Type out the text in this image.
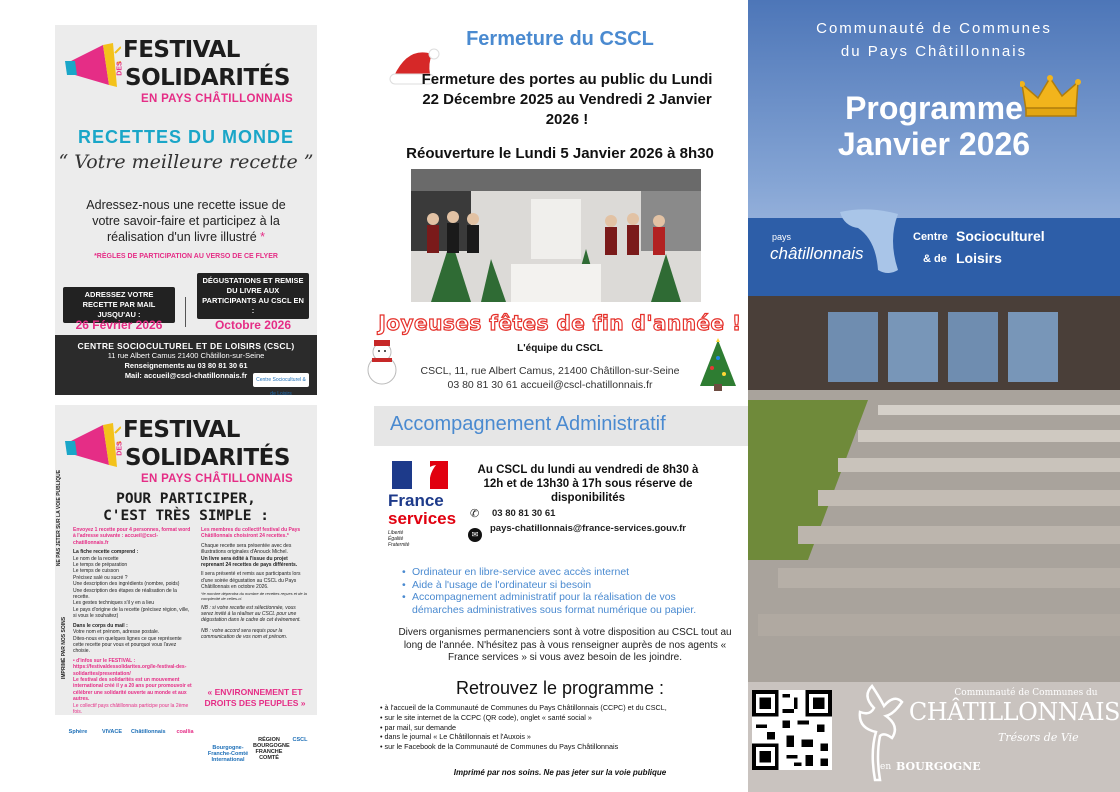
FESTIVAL
DES SOLIDARITÉS
EN PAYS CHÂTILLONNAIS
RECETTES DU MONDE
“ Votre meilleure recette ”
Adressez-nous une recette issue de votre savoir-faire et participez à la réalisation d'un livre illustré *
*RÈGLES DE PARTICIPATION AU VERSO DE CE FLYER
ADRESSEZ VOTRE RECETTE PAR MAIL JUSQU'AU :
DÉGUSTATIONS ET REMISE DU LIVRE AUX PARTICIPANTS AU CSCL EN :
26 Février 2026	Octobre 2026
CENTRE SOCIOCULTUREL ET DE LOISIRS (CSCL)
11 rue Albert Camus 21400 Châtillon-sur-Seine
Renseignements au 03 80 81 30 61
Mail: accueil@cscl-chatillonnais.fr	Centre Socioculturel & de Loisirs
FESTIVAL
DES SOLIDARITÉS
EN PAYS CHÂTILLONNAIS
POUR PARTICIPER,
C'EST TRÈS SIMPLE :
NE PAS JETER SUR LA VOIE PUBLIQUE
IMPRIMÉ PAR NOS SOINS
Envoyez 1 recette pour 4 personnes, format word à l'adresse suivante : accueil@cscl-chatillonnais.fr
La fiche recette comprend :
Le nom de la recette
Le temps de préparation
Le temps de cuisson
Précisez salé ou sucré ?
Une description des ingrédients (nombre, poids)
Une description des étapes de réalisation de la recette.
Les gestes techniques s'il y en a lieu
Le pays d'origine de la recette (précisez région, ville, si vous le souhaitez)
Dans le corps du mail :
Votre nom et prénom, adresse postale.
Dites-nous en quelques lignes ce que représente cette recette pour vous et pourquoi vous l'avez choisie.
• d'infos sur le FESTIVAL : https://festivaldessolidarites.org/le-festival-des-solidarites/presentation/
Le festival des solidarités est un mouvement international créé il y a 20 ans pour promouvoir et célébrer une solidarité ouverte au monde et aux autres.
Le collectif pays châtillonnais participe pour la 2ème fois.
Les membres du collectif festival du Pays Châtillonnais choisiront 24 recettes.*
Chaque recette sera présentée avec des illustrations originales d'Anouck Michel.
Un livre sera édité à l'issue du projet reprenant 24 recettes de pays différents.
Il sera présenté et remis aux participants lors d'une soirée dégustation au CSCL du Pays Châtillonnais en octobre 2026.
*le nombre dépendra du nombre de recettes reçues et de la complexité de celles-ci.
NB : si votre recette est sélectionnée, vous serez invité à la réaliser au CSCL pour une dégustation dans le cadre de cet événement.
NB : votre accord sera requis pour la communication de vos nom et prénom.
« ENVIRONNEMENT ET DROITS DES PEUPLES »
Sphère	VIVACE	Châtillonnais	coallia
Bourgogne-Franche-Comté International
RÉGION BOURGOGNE FRANCHE COMTÉ
CSCL
Fermeture du CSCL
Fermeture des portes au public du Lundi 22 Décembre 2025 au Vendredi 2 Janvier 2026 !
Réouverture le Lundi 5 Janvier 2026 à 8h30
Joyeuses fêtes de fin d'année !
L'équipe du CSCL
CSCL, 11, rue Albert Camus, 21400 Châtillon-sur-Seine
03 80 81 30 61 accueil@cscl-chatillonnais.fr
Accompagnement Administratif
France
services
Liberté
Égalité
Fraternité
Au CSCL du lundi au vendredi de 8h30 à 12h et de 13h30 à 17h sous réserve de disponibilités
✆ 03 80 81 30 61
✉
pays-chatillonnais@france-services.gouv.fr
• Ordinateur en libre-service avec accès internet
• Aide à l'usage de l'ordinateur si besoin
• Accompagnement administratif pour la réalisation de vos démarches administratives sous format numérique ou papier.
Divers organismes permanenciers sont à votre disposition au CSCL tout au long de l'année. N'hésitez pas à vous renseigner auprès de nos agents « France services » si vous avez besoin de les joindre.
Retrouvez le programme :
• à l'accueil de la Communauté de Communes du Pays Châtillonnais (CCPC) et du CSCL,
• sur le site internet de la CCPC (QR code), onglet « santé social »
• par mail, sur demande
• dans le journal « Le Châtillonnais et l'Auxois »
• sur le Facebook de la Communauté de Communes du Pays Châtillonnais
Imprimé par nos soins. Ne pas jeter sur la voie publique
Communauté de Communes
du Pays Châtillonnais
Programme
Janvier 2026
pays
châtillonnais
Centre Socioculturel
& de Loisirs
Communauté de Communes du
CHÂTILLONNAIS
Trésors de Vie
en BOURGOGNE
